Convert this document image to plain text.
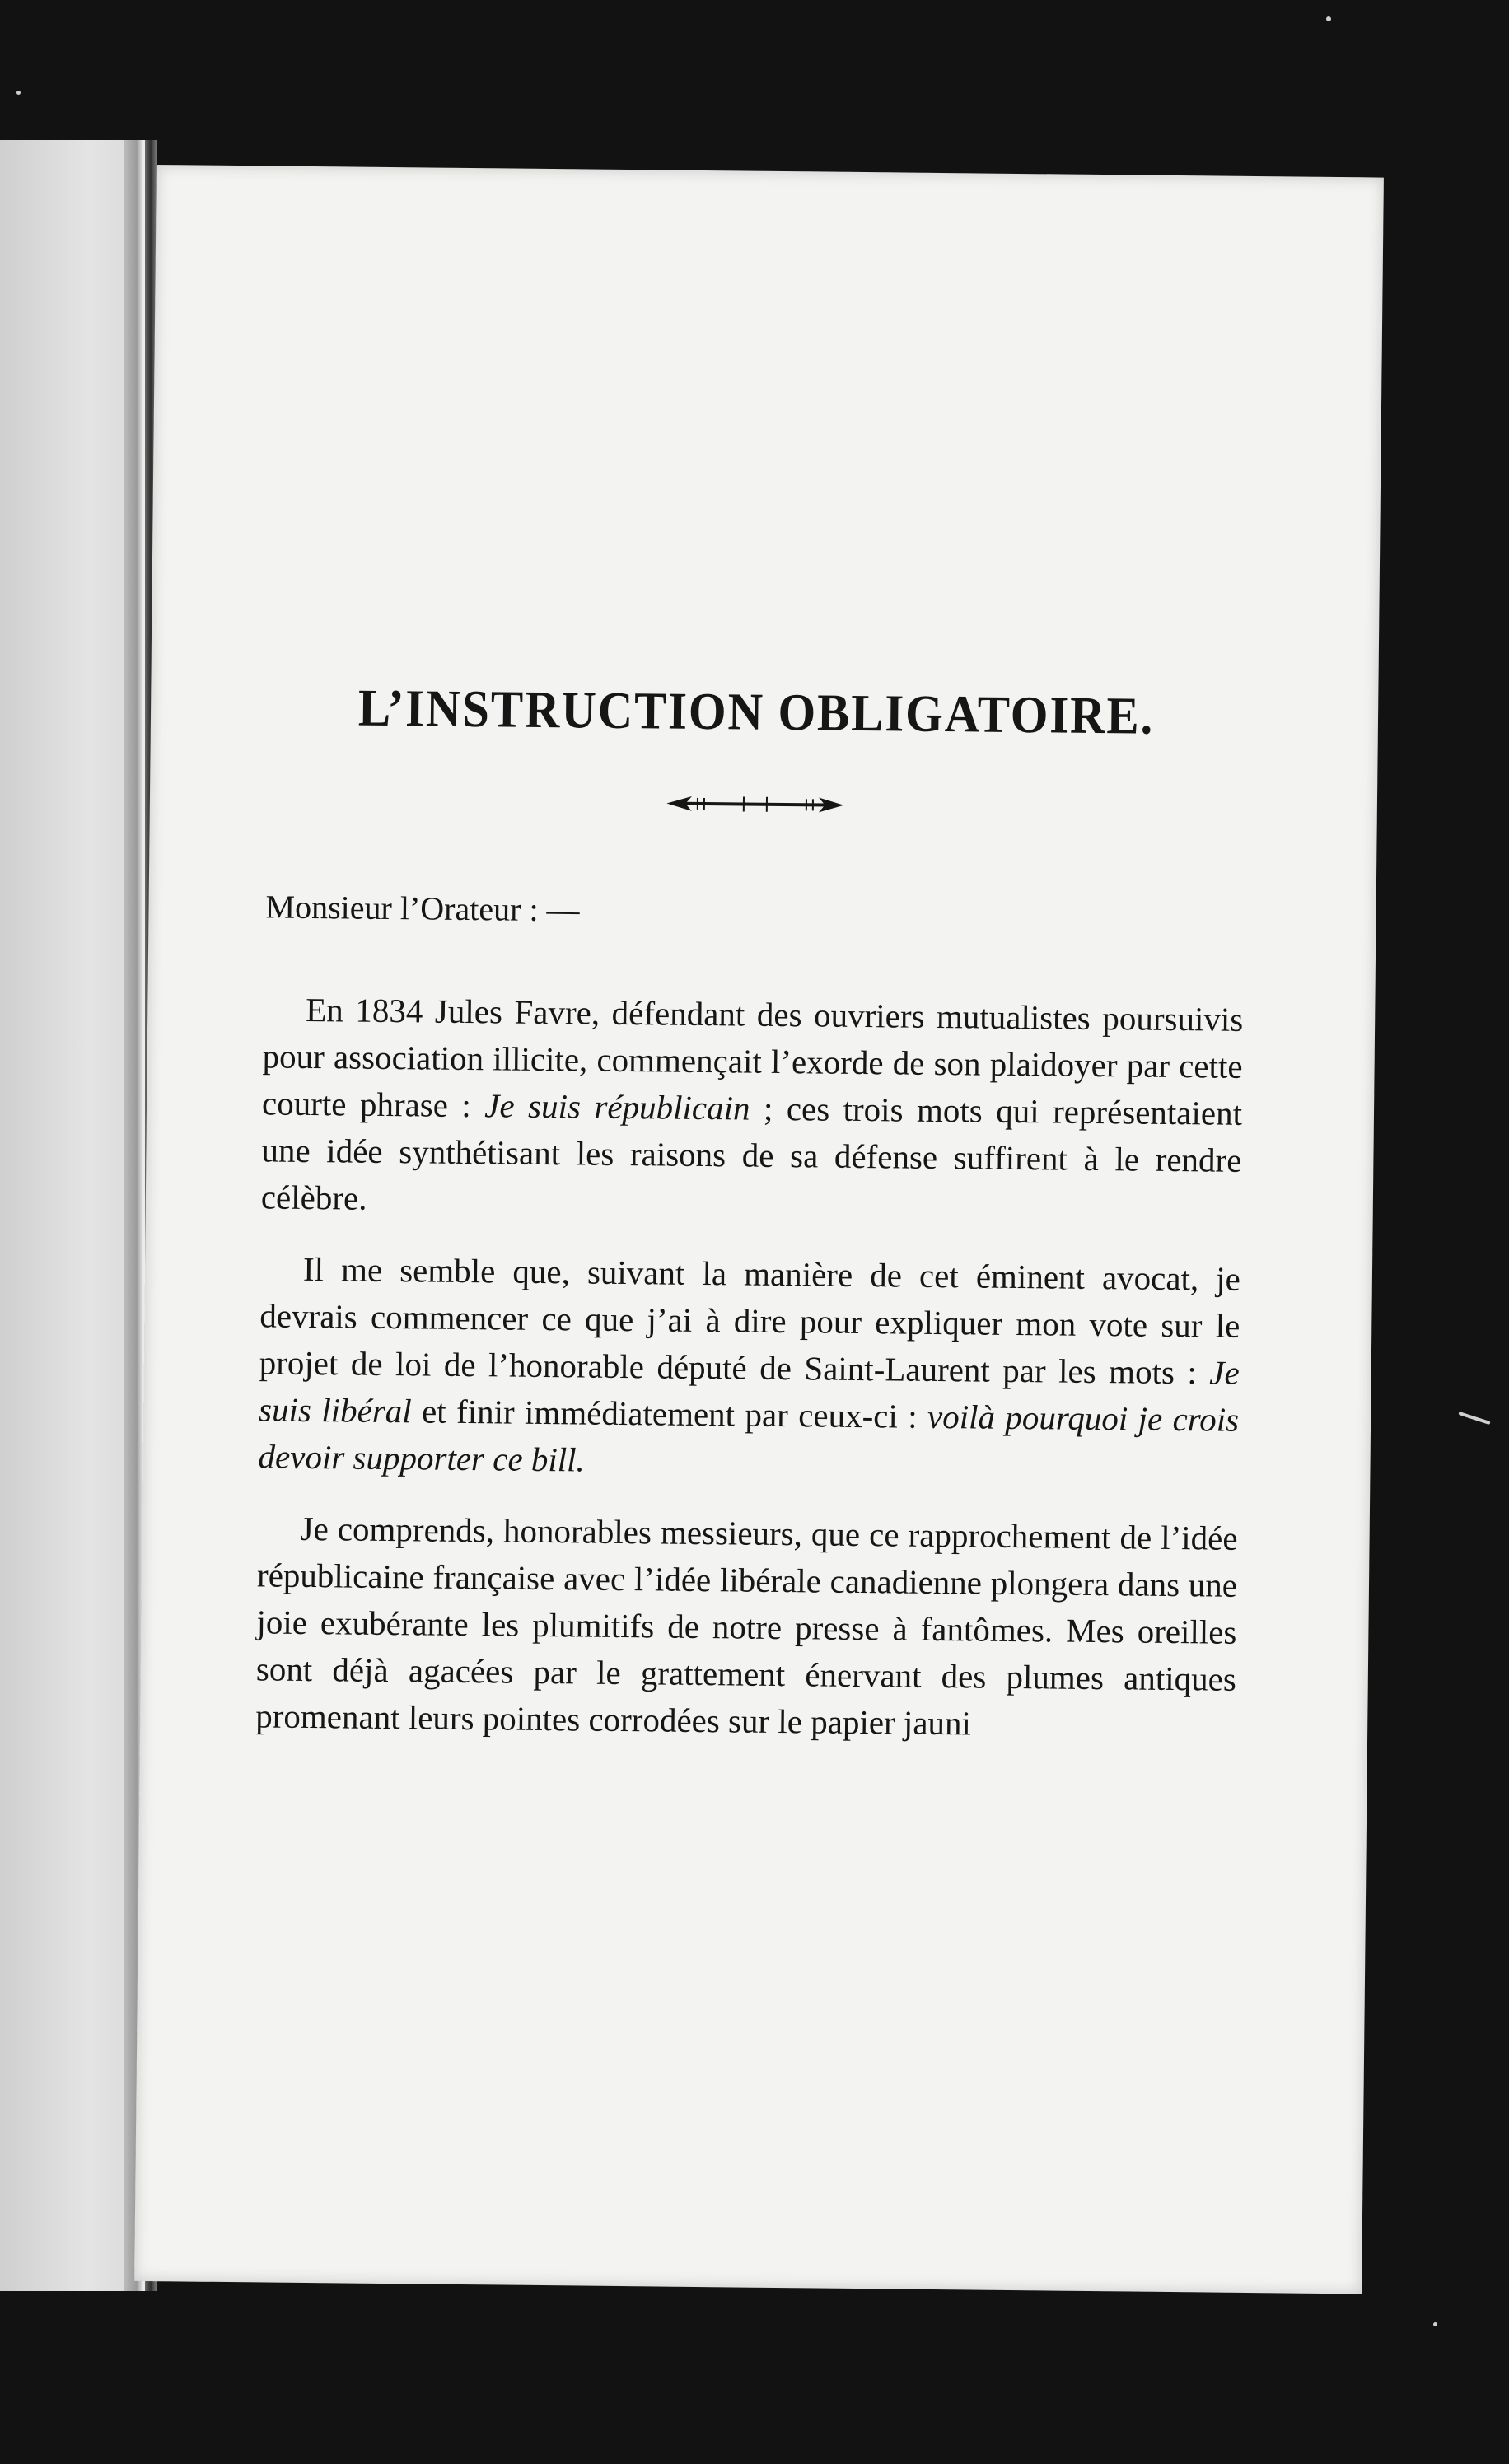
L’INSTRUCTION OBLIGATOIRE.

Monsieur l’Orateur : —

En 1834 Jules Favre, défendant des ouvriers mutualistes poursuivis pour association illicite, commençait l’exorde de son plaidoyer par cette courte phrase : Je suis républicain ; ces trois mots qui représentaient une idée synthétisant les raisons de sa défense suffirent à le rendre célèbre.

Il me semble que, suivant la manière de cet éminent avocat, je devrais commencer ce que j’ai à dire pour expliquer mon vote sur le projet de loi de l’honorable député de Saint-Laurent par les mots : Je suis libéral et finir immédiatement par ceux-ci : voilà pourquoi je crois devoir supporter ce bill.

Je comprends, honorables messieurs, que ce rapprochement de l’idée républicaine française avec l’idée libérale canadienne plongera dans une joie exubérante les plumitifs de notre presse à fantômes. Mes oreilles sont déjà agacées par le grattement énervant des plumes antiques promenant leurs pointes corrodées sur le papier jauni
